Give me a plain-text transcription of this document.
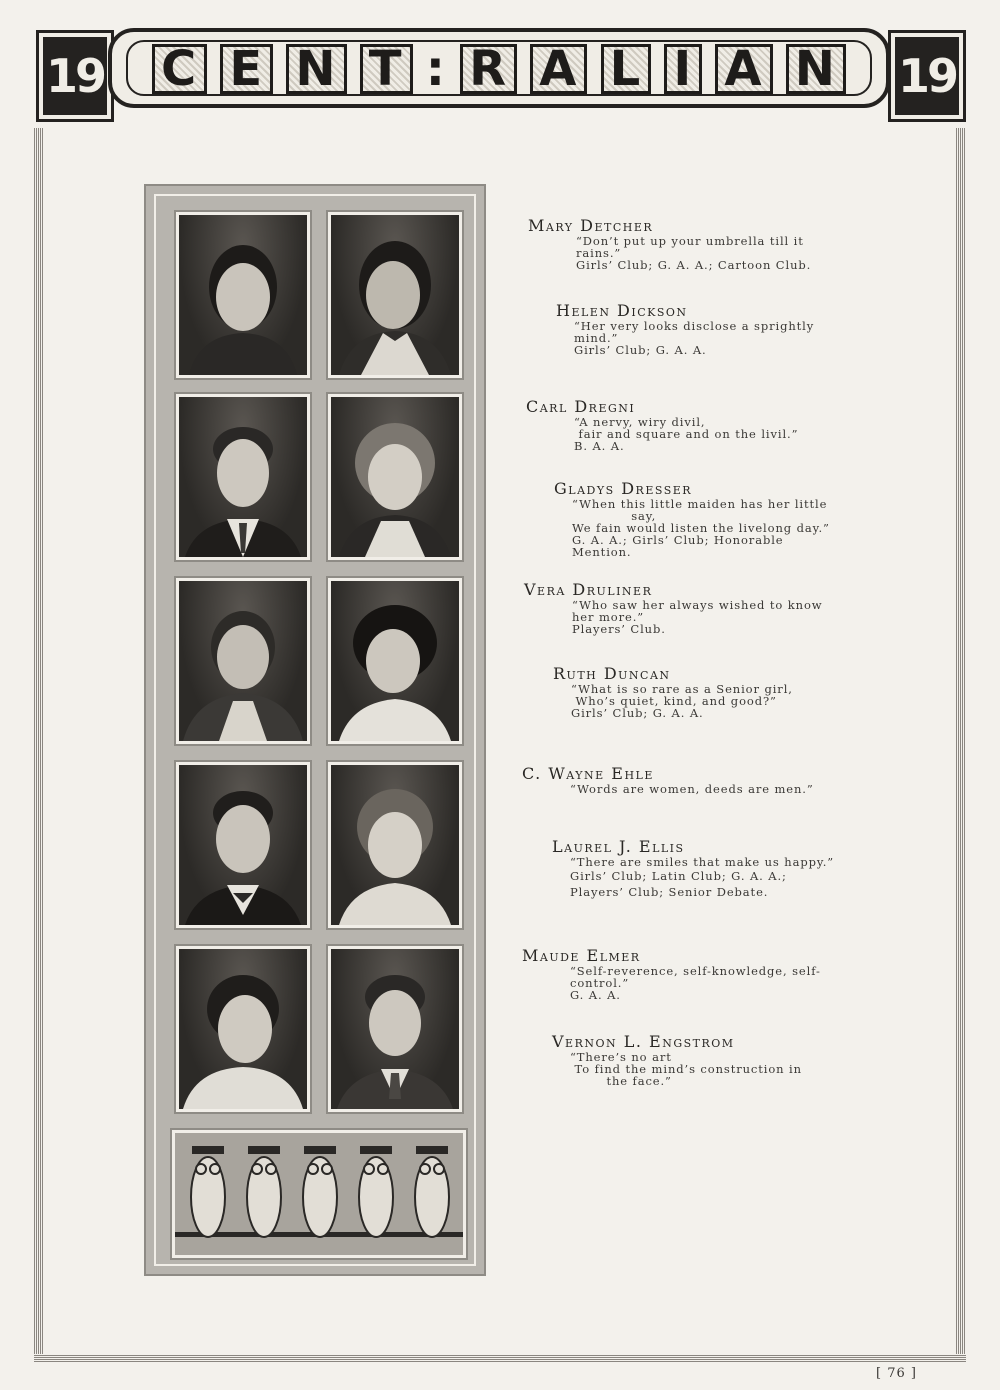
19 C E N T : R A L I A N 19
Mary Detcher
“Don’t put up your umbrella till it
rains.”
Girls’ Club; G. A. A.; Cartoon Club.
Helen Dickson
“Her very looks disclose a sprightly
mind.”
Girls’ Club; G. A. A.
Carl Dregni
“A nervy, wiry divil,
fair and square and on the livil.”
B. A. A.
Gladys Dresser
“When this little maiden has her little
say,
We fain would listen the livelong day.”
G. A. A.; Girls’ Club; Honorable
Mention.
Vera Druliner
“Who saw her always wished to know
her more.”
Players’ Club.
Ruth Duncan
“What is so rare as a Senior girl,
Who’s quiet, kind, and good?”
Girls’ Club; G. A. A.
C. Wayne Ehle
“Words are women, deeds are men.”
Laurel J. Ellis
“There are smiles that make us happy.”
Girls’ Club; Latin Club; G. A. A.;
Players’ Club; Senior Debate.
Maude Elmer
“Self-reverence, self-knowledge, self-
control.”
G. A. A.
Vernon L. Engstrom
“There’s no art
To find the mind’s construction in
the face.”
[ 76 ]
